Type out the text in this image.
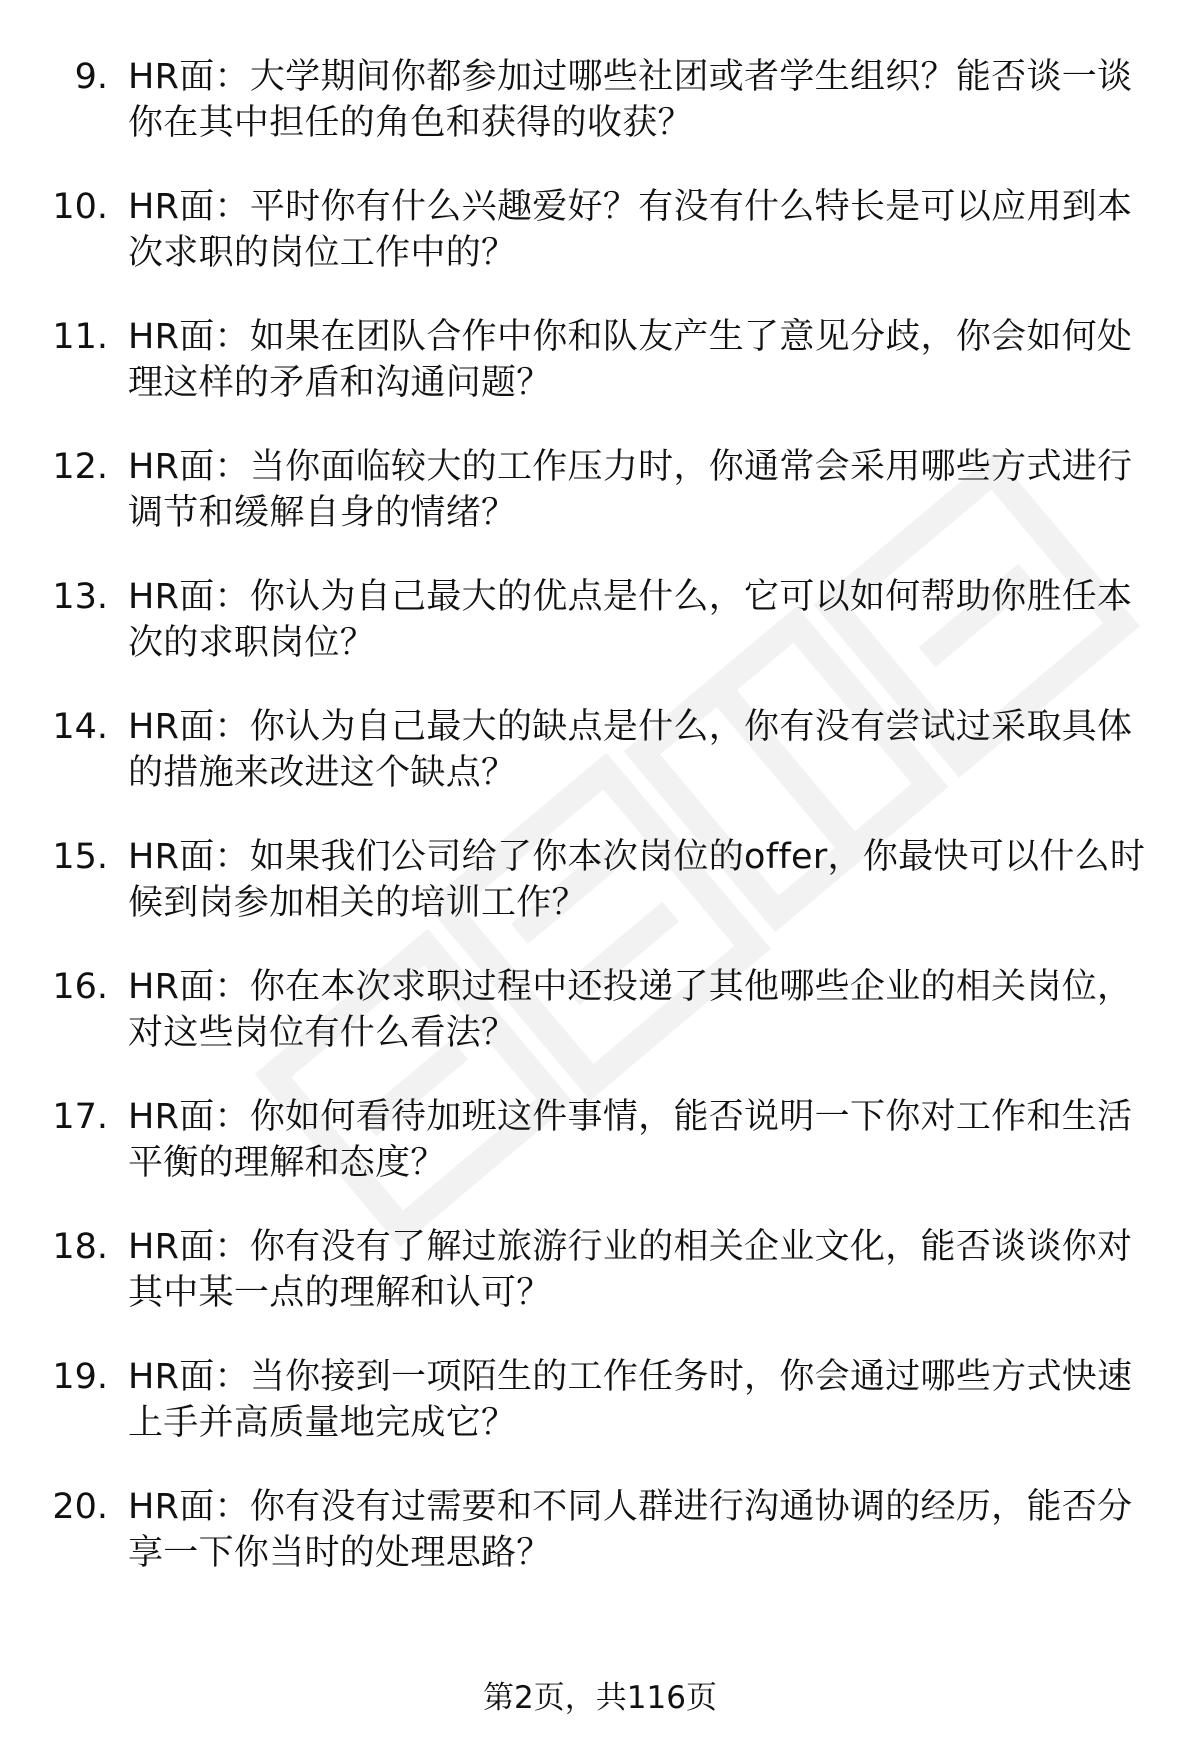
9. HR面：大学期间你都参加过哪些社团或者学生组织？能否谈一谈你在其中担任的角色和获得的收获？
10. HR面：平时你有什么兴趣爱好？有没有什么特长是可以应用到本次求职的岗位工作中的？
11. HR面：如果在团队合作中你和队友产生了意见分歧，你会如何处理这样的矛盾和沟通问题？
12. HR面：当你面临较大的工作压力时，你通常会采用哪些方式进行调节和缓解自身的情绪？
13. HR面：你认为自己最大的优点是什么，它可以如何帮助你胜任本次的求职岗位？
14. HR面：你认为自己最大的缺点是什么，你有没有尝试过采取具体的措施来改进这个缺点？
15. HR面：如果我们公司给了你本次岗位的offer，你最快可以什么时候到岗参加相关的培训工作？
16. HR面：你在本次求职过程中还投递了其他哪些企业的相关岗位，对这些岗位有什么看法？
17. HR面：你如何看待加班这件事情，能否说明一下你对工作和生活平衡的理解和态度？
18. HR面：你有没有了解过旅游行业的相关企业文化，能否谈谈你对其中某一点的理解和认可？
19. HR面：当你接到一项陌生的工作任务时，你会通过哪些方式快速上手并高质量地完成它？
20. HR面：你有没有过需要和不同人群进行沟通协调的经历，能否分享一下你当时的处理思路？
第2页，共116页
